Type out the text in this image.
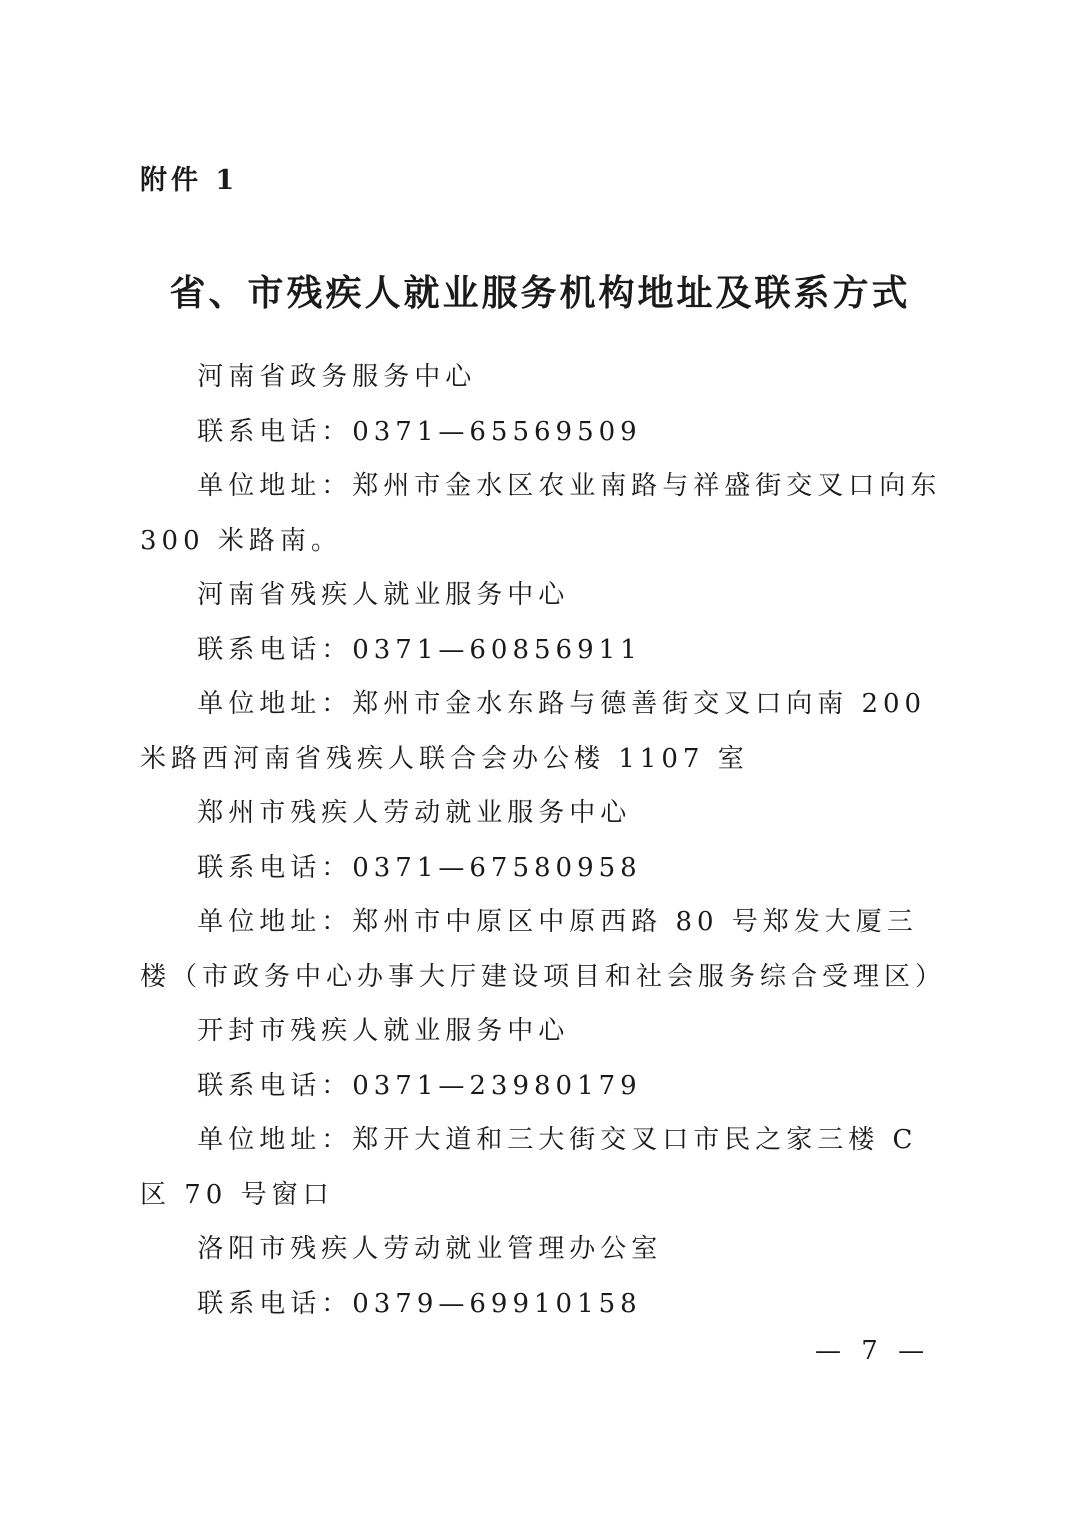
附件 1
省、市残疾人就业服务机构地址及联系方式

河南省政务服务中心

联系电话：0371—65569509

单位地址：郑州市金水区农业南路与祥盛街交叉口向东 300 米路南。

河南省残疾人就业服务中心

联系电话：0371—60856911

单位地址：郑州市金水东路与德善街交叉口向南 200 米路西河南省残疾人联合会办公楼 1107 室

郑州市残疾人劳动就业服务中心

联系电话：0371—67580958

单位地址：郑州市中原区中原西路 80 号郑发大厦三楼（市政务中心办事大厅建设项目和社会服务综合受理区）

开封市残疾人就业服务中心

联系电话：0371—23980179

单位地址：郑开大道和三大街交叉口市民之家三楼 C 区 70 号窗口

洛阳市残疾人劳动就业管理办公室

联系电话：0379—69910158

— 7 —
